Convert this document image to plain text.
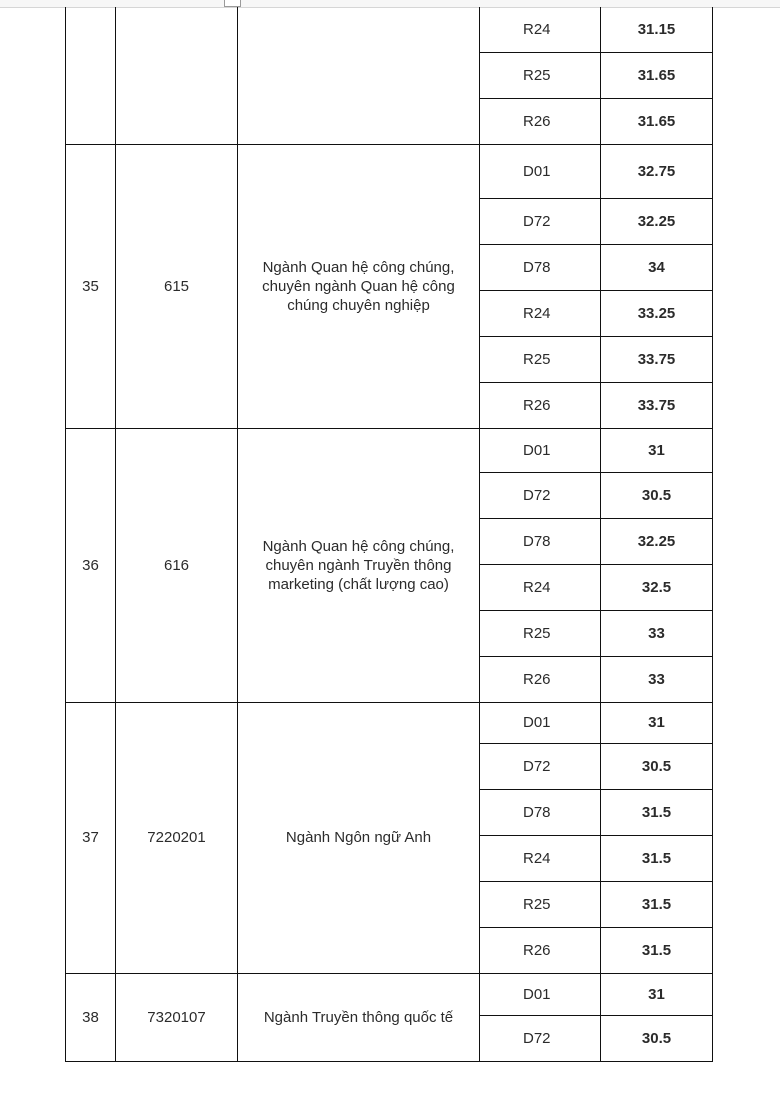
			R24	31.15
			R25	31.65
			R26	31.65
35	615	Ngành Quan hệ công chúng, chuyên ngành Quan hệ công chúng chuyên nghiệp	D01	32.75
			D72	32.25
			D78	34
			R24	33.25
			R25	33.75
			R26	33.75
36	616	Ngành Quan hệ công chúng, chuyên ngành Truyền thông marketing (chất lượng cao)	D01	31
			D72	30.5
			D78	32.25
			R24	32.5
			R25	33
			R26	33
37	7220201	Ngành Ngôn ngữ Anh	D01	31
			D72	30.5
			D78	31.5
			R24	31.5
			R25	31.5
			R26	31.5
38	7320107	Ngành Truyền thông quốc tế	D01	31
			D72	30.5
